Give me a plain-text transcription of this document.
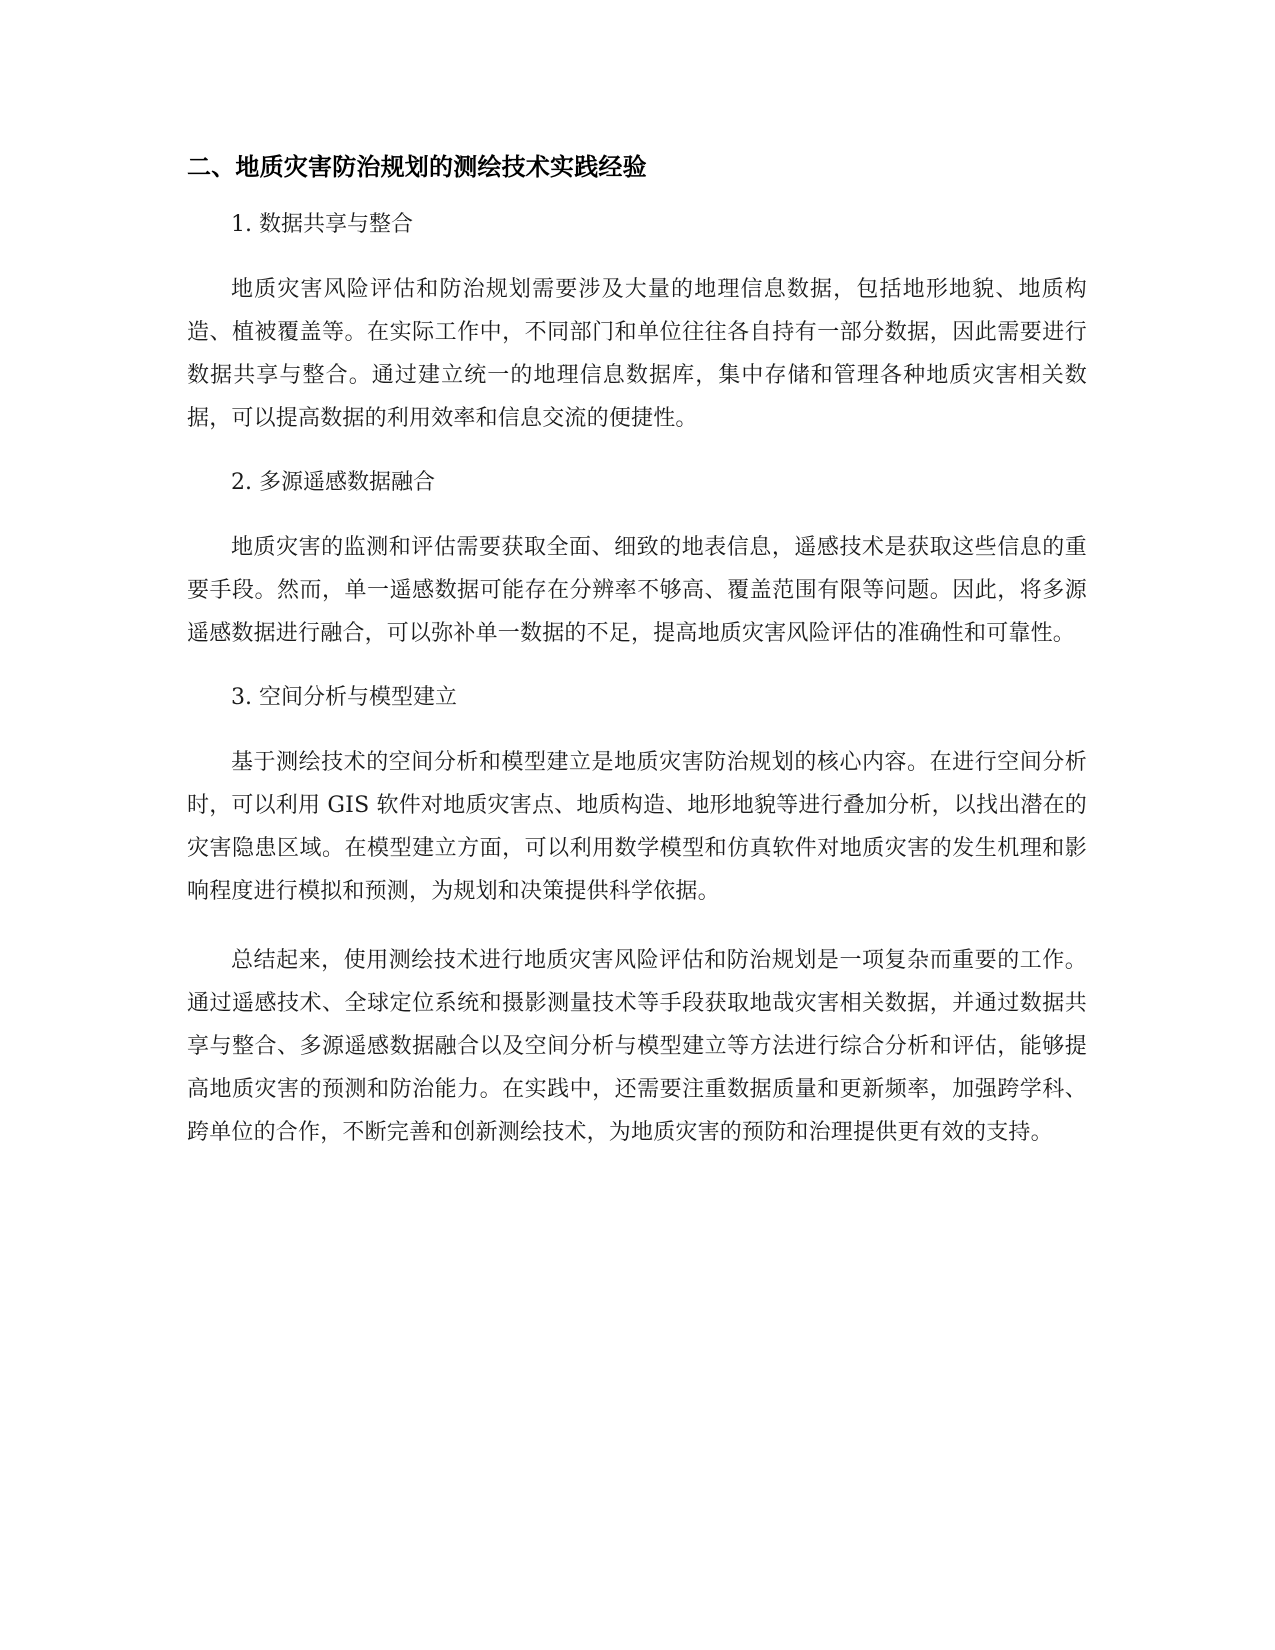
二、地质灾害防治规划的测绘技术实践经验
1. 数据共享与整合

地质灾害风险评估和防治规划需要涉及大量的地理信息数据，包括地形地貌、地质构造、植被覆盖等。在实际工作中，不同部门和单位往往各自持有一部分数据，因此需要进行数据共享与整合。通过建立统一的地理信息数据库，集中存储和管理各种地质灾害相关数据，可以提高数据的利用效率和信息交流的便捷性。

2. 多源遥感数据融合

地质灾害的监测和评估需要获取全面、细致的地表信息，遥感技术是获取这些信息的重要手段。然而，单一遥感数据可能存在分辨率不够高、覆盖范围有限等问题。因此，将多源遥感数据进行融合，可以弥补单一数据的不足，提高地质灾害风险评估的准确性和可靠性。

3. 空间分析与模型建立

基于测绘技术的空间分析和模型建立是地质灾害防治规划的核心内容。在进行空间分析时，可以利用 GIS 软件对地质灾害点、地质构造、地形地貌等进行叠加分析，以找出潜在的灾害隐患区域。在模型建立方面，可以利用数学模型和仿真软件对地质灾害的发生机理和影响程度进行模拟和预测，为规划和决策提供科学依据。

总结起来，使用测绘技术进行地质灾害风险评估和防治规划是一项复杂而重要的工作。通过遥感技术、全球定位系统和摄影测量技术等手段获取地哉灾害相关数据，并通过数据共享与整合、多源遥感数据融合以及空间分析与模型建立等方法进行综合分析和评估，能够提高地质灾害的预测和防治能力。在实践中，还需要注重数据质量和更新频率，加强跨学科、跨单位的合作，不断完善和创新测绘技术，为地质灾害的预防和治理提供更有效的支持。
